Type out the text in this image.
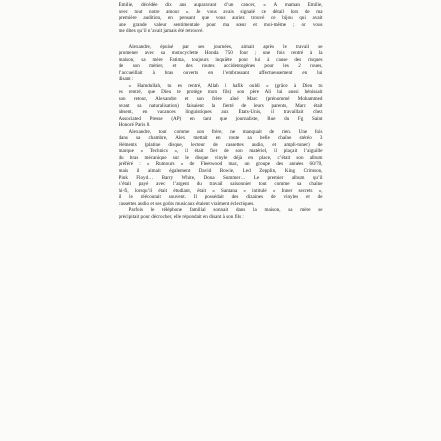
Émilie, décédée dix ans auparavant d’un cancer, « À maman Émilie,
avec tout notre amour ». Je vous avais signalé ce détail lors de ma
première audition, en pensant que vous auriez trouvé ce bijou qui avait
une grande valeur sentimentale pour ma sœur et moi-même ; or vous
me dites qu’il n’avait jamais été retrouvé.

Alexandre, épuisé par ses journées, aimait après le travail se
promener avec sa motocyclette Honda 750 four ; une fois rentré à la
maison, sa mère Fatima, toujours inquiète pour lui à cause des risques
de son métier, et des routes accidentogènes pour les 2 roues,
l’accueillait à bras ouverts en l’embrassant affectueusement en lui
disant :

« Hamdullah, tu es rentré, Allah i hafik ouldi » (grâce à Dieu tu
es rentré, que Dieu te protège mon fils) son père Ali lui aussi bénissait
son retour, Alexandre et son frère aîné Marc (prénommé Mohammed
avant sa naturalisation) faisaient la fierté de leurs parents, Marc était
absent, en vacances linguistiques aux États-Unis, il travaillait chez
Associated Presse (AP) en tant que journaliste, Rue du Fg Saint
Honoré Paris 8.

Alexandre, tout comme son frère, ne manquait de rien. Une fois
dans sa chambre, Alex mettait en route sa belle chaîne stéréo 3
éléments (platine disque, lecteur de cassettes audio, et ampli-tuner) de
marque « Technics », il était fier de son matériel, il plaçait l’aiguille
du bras mécanique sur le disque vinyle déjà en place, c’était son album
préféré : « Rumours » de Fleetwood mac, un groupe des années 60/70,
mais il aimait également David Bowie, Led Zepplin, King Crimson,
Pink Floyd… Barry White, Dona Summer… Le premier album qu’il
s’était payé avec l’argent du travail saisonnier tout comme sa chaîne
hi-fi, lorsqu’il était étudiant, était « Santana » intitulé « Inner secrets »,
il le réécoutait souvent. Il possédait des dizaines de vinyles et de
cassettes audio et ses goûts musicaux étaient vraiment éclectiques.

Parfois le téléphone familial sonnait dans la maison, sa mère se
précipitait pour décrocher, elle répondait en disant à son fils :
